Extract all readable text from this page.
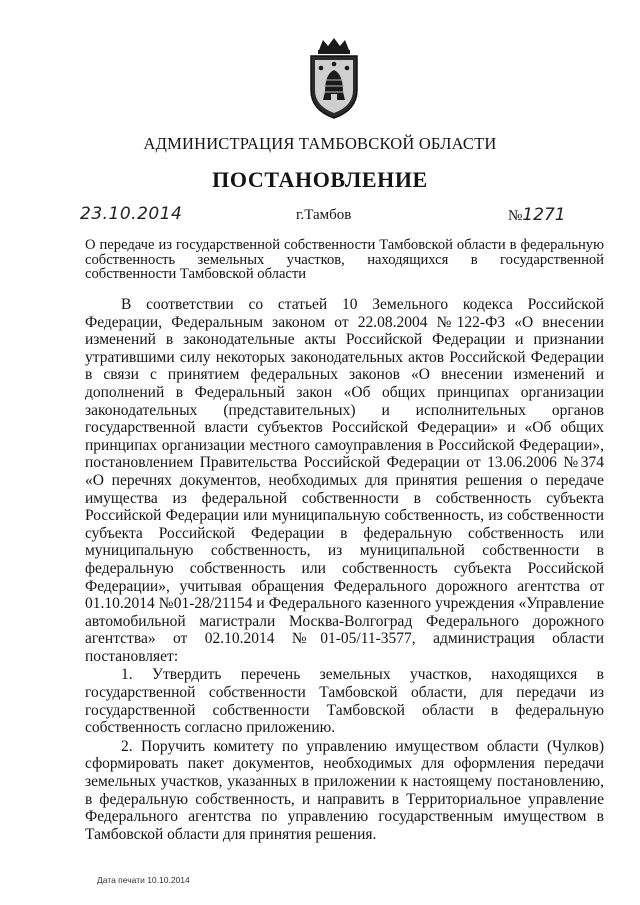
АДМИНИСТРАЦИЯ ТАМБОВСКОЙ ОБЛАСТИ
ПОСТАНОВЛЕНИЕ
23.10.2014	г.Тамбов	№1271
О передаче из государственной собственности Тамбовской области в федеральную собственность земельных участков, находящихся в государственной собственности Тамбовской области

В соответствии со статьей 10 Земельного кодекса Российской Федерации, Федеральным законом от 22.08.2004 №122-ФЗ «О внесении изменений в законодательные акты Российской Федерации и признании утратившими силу некоторых законодательных актов Российской Федерации в связи с принятием федеральных законов «О внесении изменений и дополнений в Федеральный закон «Об общих принципах организации законодательных (представительных) и исполнительных органов государственной власти субъектов Российской Федерации» и «Об общих принципах организации местного самоуправления в Российской Федерации», постановлением Правительства Российской Федерации от 13.06.2006 №374 «О перечнях документов, необходимых для принятия решения о передаче имущества из федеральной собственности в собственность субъекта Российской Федерации или муниципальную собственность, из собственности субъекта Российской Федерации в федеральную собственность или муниципальную собственность, из муниципальной собственности в федеральную собственность или собственность субъекта Российской Федерации», учитывая обращения Федерального дорожного агентства от 01.10.2014 №01-28/21154 и Федерального казенного учреждения «Управление автомобильной магистрали Москва-Волгоград Федерального дорожного агентства» от 02.10.2014 №01-05/11-3577, администрация области постановляет:

1. Утвердить перечень земельных участков, находящихся в государственной собственности Тамбовской области, для передачи из государственной собственности Тамбовской области в федеральную собственность согласно приложению.

2. Поручить комитету по управлению имуществом области (Чулков) сформировать пакет документов, необходимых для оформления передачи земельных участков, указанных в приложении к настоящему постановлению, в федеральную собственность, и направить в Территориальное управление Федерального агентства по управлению государственным имуществом в Тамбовской области для принятия решения.

Дата печати 10.10.2014
